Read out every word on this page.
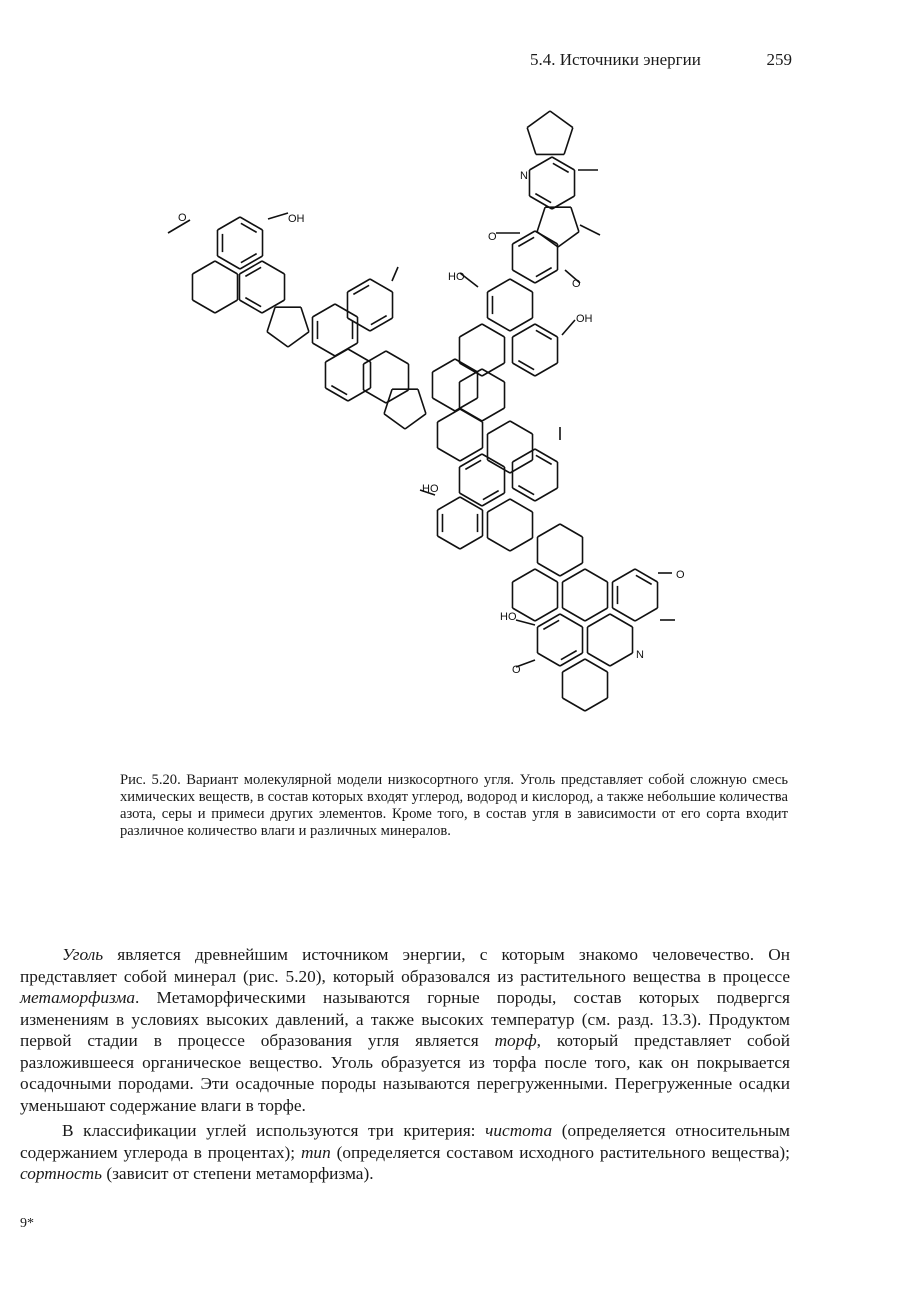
5.4. Источники энергии	259
O	OH
N
O
O
HO
OH
HO
O
HO
O
N
Рис. 5.20. Вариант молекулярной модели низкосортного угля. Уголь представляет собой сложную смесь химических веществ, в состав которых входят углерод, водород и кислород, а также небольшие количества азота, серы и примеси других элементов. Кроме того, в состав угля в зависимости от его сорта входит различное количество влаги и различных минералов.

Уголь является древнейшим источником энергии, с которым знакомо человечество. Он представляет собой минерал (рис. 5.20), который образовался из растительного вещества в процессе метаморфизма. Метаморфическими называются горные породы, состав которых подвергся изменениям в условиях высоких давлений, а также высоких температур (см. разд. 13.3). Продуктом первой стадии в процессе образования угля является торф, который представляет собой разложившееся органическое вещество. Уголь образуется из торфа после того, как он покрывается осадочными породами. Эти осадочные породы называются перегруженными. Перегруженные осадки уменьшают содержание влаги в торфе.

В классификации углей используются три критерия: чистота (определяется относительным содержанием углерода в процентах); тип (определяется составом исходного растительного вещества); сортность (зависит от степени метаморфизма).

9*
